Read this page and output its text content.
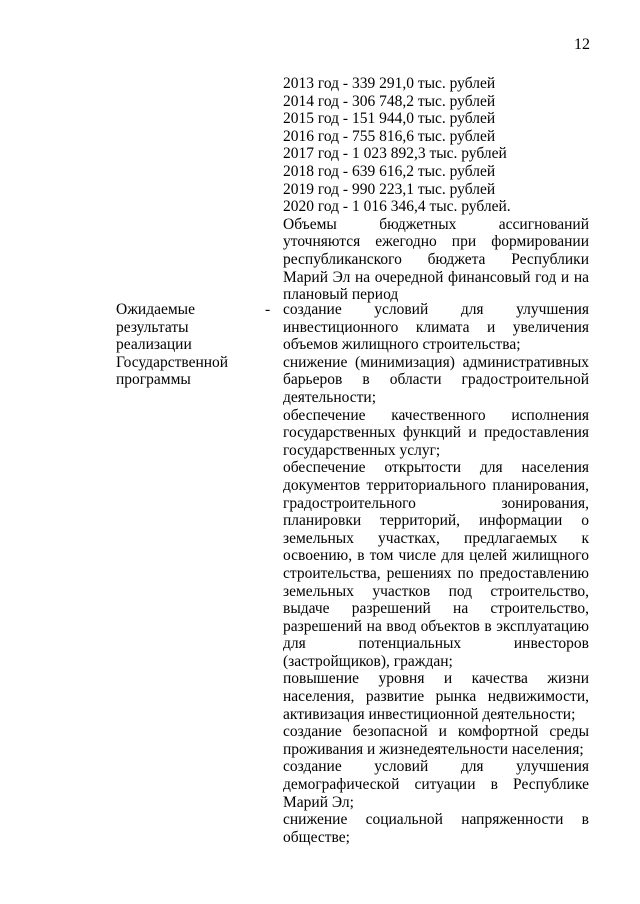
12
2013 год - 339 291,0 тыс. рублей
2014 год - 306 748,2 тыс. рублей
2015 год - 151 944,0 тыс. рублей
2016 год - 755 816,6 тыс. рублей
2017 год - 1 023 892,3 тыс. рублей
2018 год - 639 616,2 тыс. рублей
2019 год - 990 223,1 тыс. рублей
2020 год - 1 016 346,4 тыс. рублей.
Объемы бюджетных ассигнований уточняются ежегодно при формировании республиканского бюджета Республики Марий Эл на очередной финансовый год и на плановый период
Ожидаемые
результаты
реализации
Государственной
программы
- создание условий для улучшения инвестиционного климата и увеличения объемов жилищного строительства;
снижение (минимизация) административных барьеров в области градостроительной деятельности;
обеспечение качественного исполнения государственных функций и предоставления государственных услуг;
обеспечение открытости для населения документов территориального планирования, градостроительного зонирования, планировки территорий, информации о земельных участках, предлагаемых к освоению, в том числе для целей жилищного строительства, решениях по предоставлению земельных участков под строительство, выдаче разрешений на строительство, разрешений на ввод объектов в эксплуатацию для потенциальных инвесторов (застройщиков), граждан;
повышение уровня и качества жизни населения, развитие рынка недвижимости, активизация инвестиционной деятельности;
создание безопасной и комфортной среды проживания и жизнедеятельности населения;
создание условий для улучшения демографической ситуации в Республике Марий Эл;
снижение социальной напряженности в обществе;
